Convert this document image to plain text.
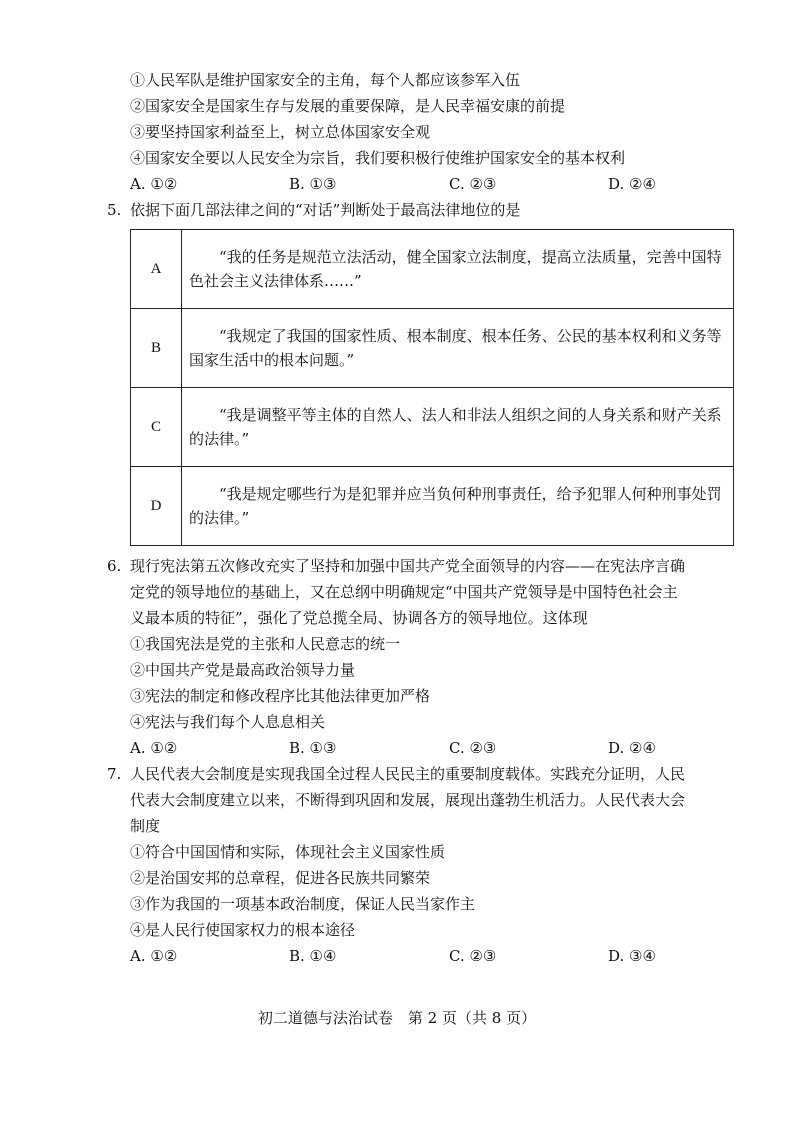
①人民军队是维护国家安全的主角，每个人都应该参军入伍
②国家安全是国家生存与发展的重要保障，是人民幸福安康的前提
③要坚持国家利益至上，树立总体国家安全观
④国家安全要以人民安全为宗旨，我们要积极行使维护国家安全的基本权利
A. ①②	B. ①③	C. ②③	D. ②④
5. 依据下面几部法律之间的“对话”判断处于最高法律地位的是
A	“我的任务是规范立法活动，健全国家立法制度，提高立法质量，完善中国特色社会主义法律体系……”
B	“我规定了我国的国家性质、根本制度、根本任务、公民的基本权利和义务等国家生活中的根本问题。”
C	“我是调整平等主体的自然人、法人和非法人组织之间的人身关系和财产关系的法律。”
D	“我是规定哪些行为是犯罪并应当负何种刑事责任，给予犯罪人何种刑事处罚的法律。”
6. 现行宪法第五次修改充实了坚持和加强中国共产党全面领导的内容——在宪法序言确
定党的领导地位的基础上，又在总纲中明确规定“中国共产党领导是中国特色社会主
义最本质的特征”，强化了党总揽全局、协调各方的领导地位。这体现
①我国宪法是党的主张和人民意志的统一
②中国共产党是最高政治领导力量
③宪法的制定和修改程序比其他法律更加严格
④宪法与我们每个人息息相关
A. ①②	B. ①③	C. ②③	D. ②④
7. 人民代表大会制度是实现我国全过程人民民主的重要制度载体。实践充分证明，人民
代表大会制度建立以来，不断得到巩固和发展，展现出蓬勃生机活力。人民代表大会
制度
①符合中国国情和实际，体现社会主义国家性质
②是治国安邦的总章程，促进各民族共同繁荣
③作为我国的一项基本政治制度，保证人民当家作主
④是人民行使国家权力的根本途径
A. ①②	B. ①④	C. ②③	D. ③④
初二道德与法治试卷　第 2 页（共 8 页）
